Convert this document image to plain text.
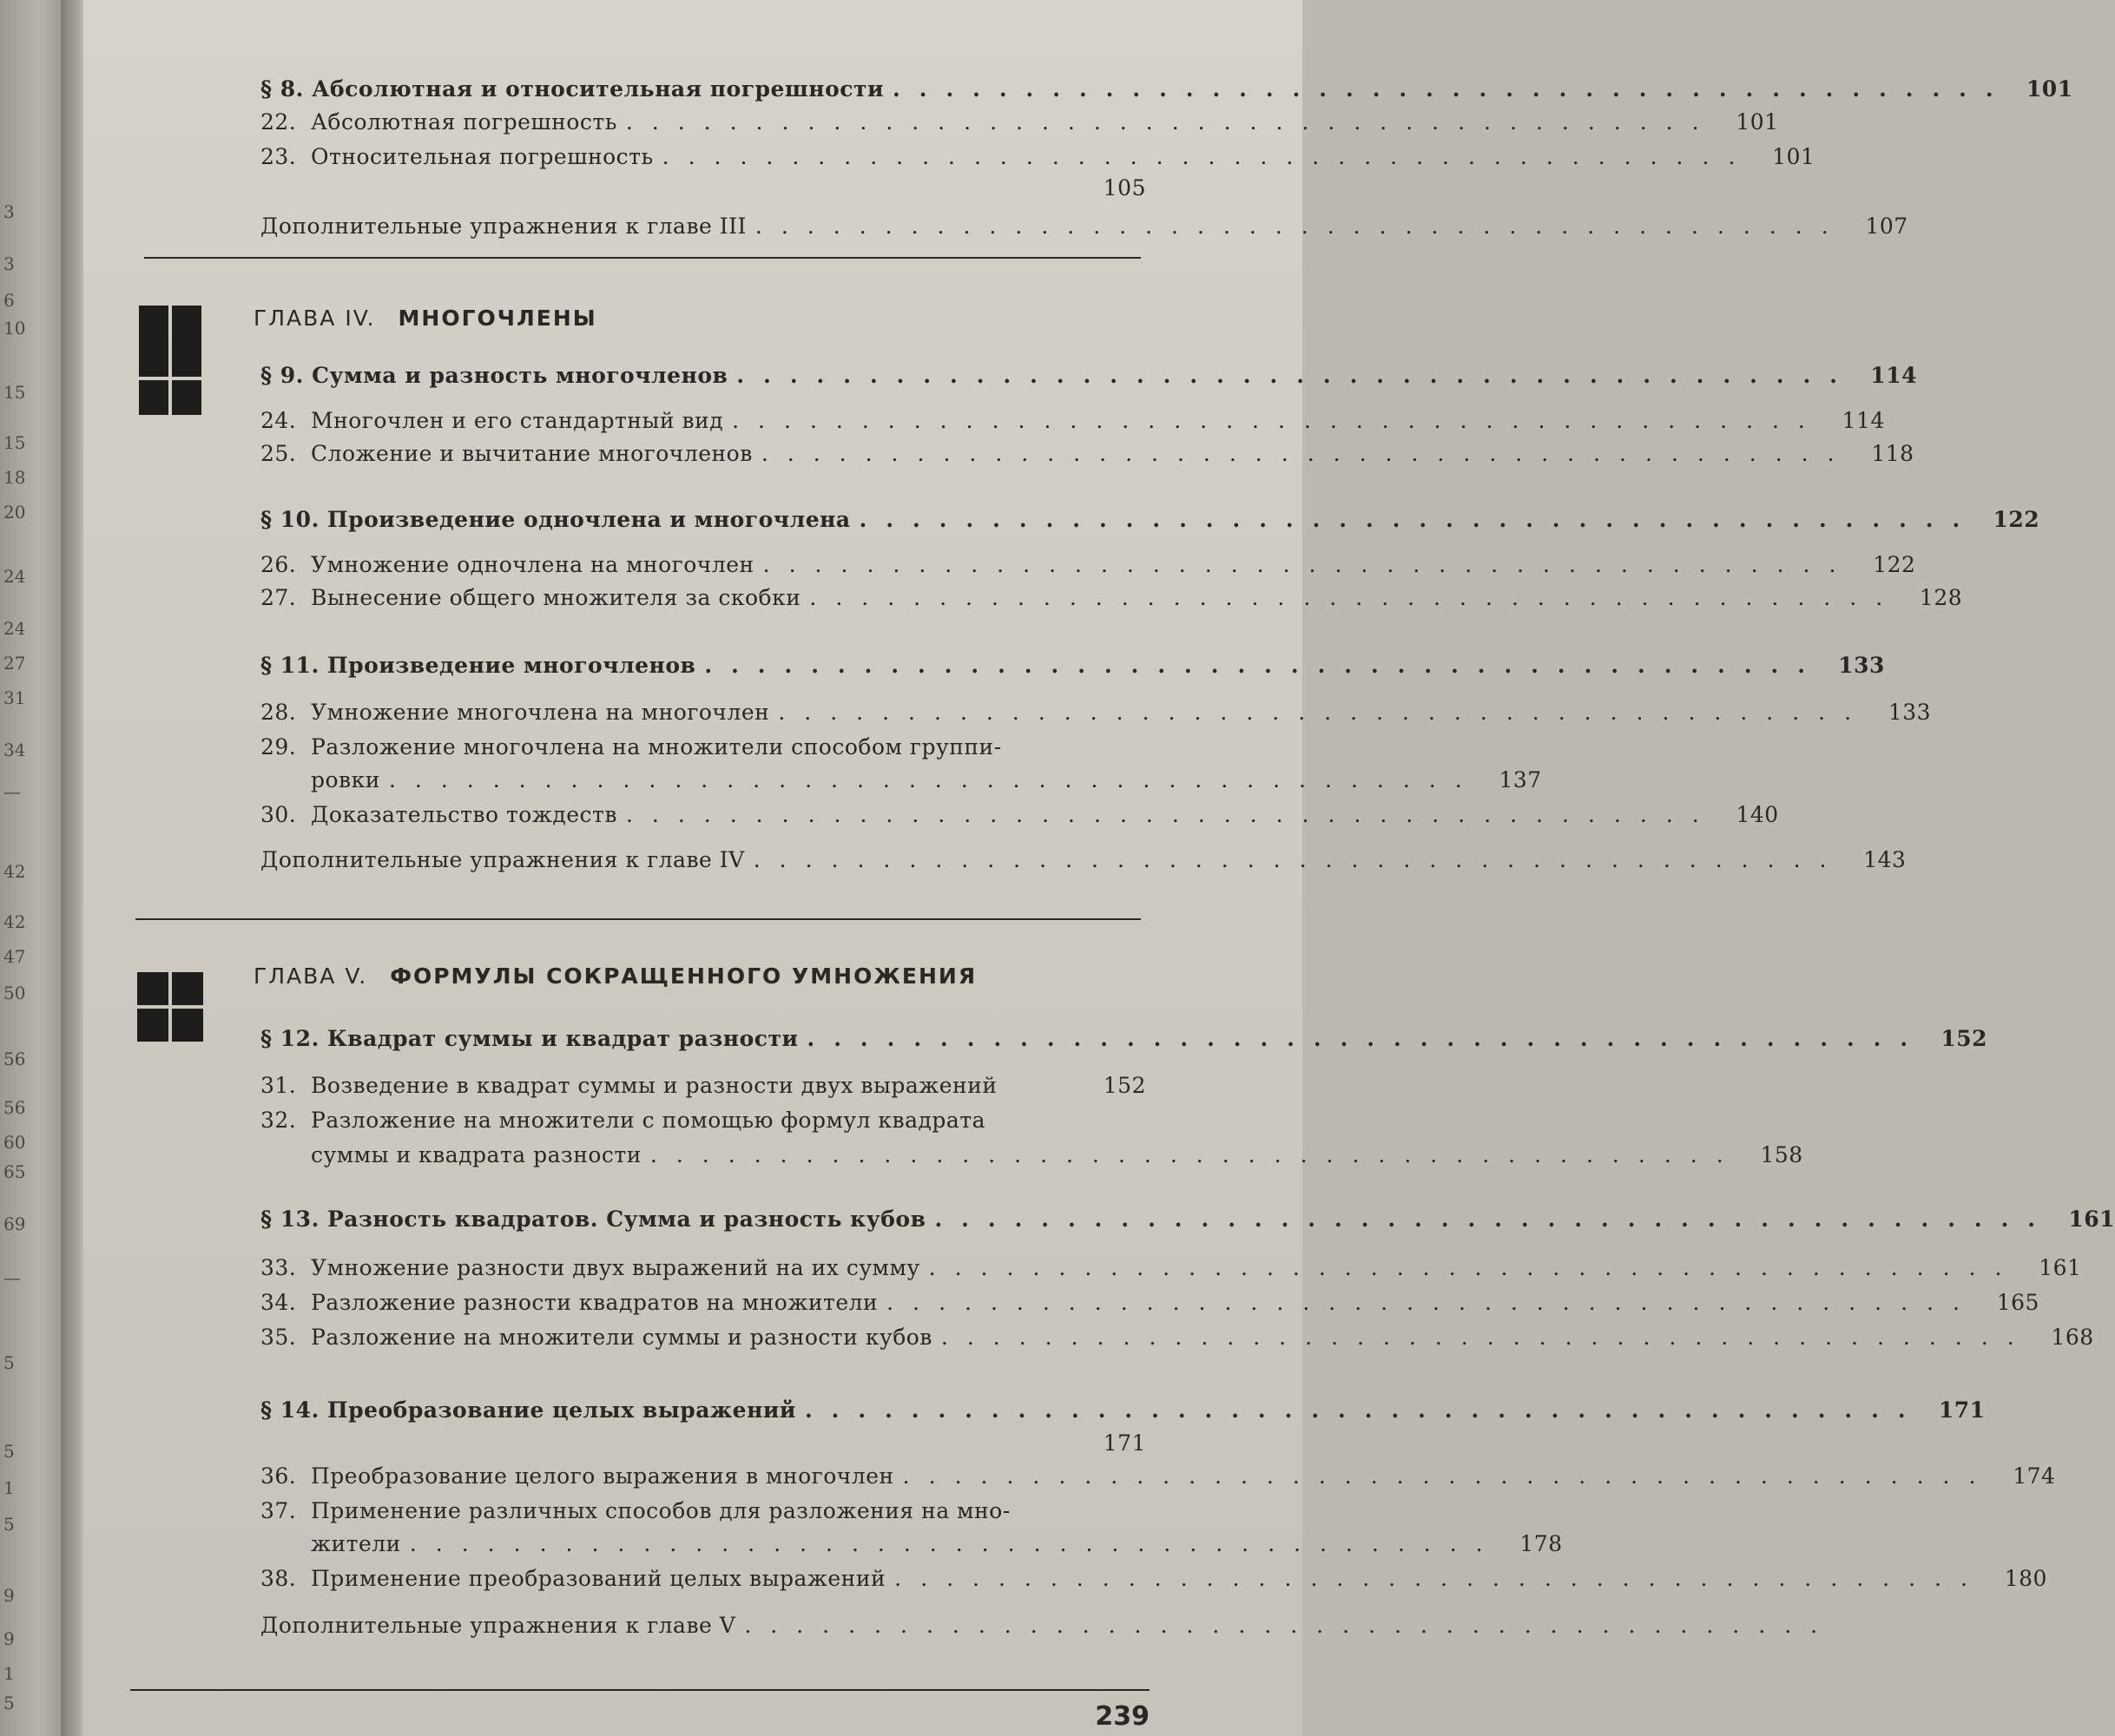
3
3
6
10
15
15
18
20
24
24
27
31
34
—
42
42
47
50
56
56
60
65
69
—
5
5
1
5
9
9
1
5
§ 8. Абсолютная и относительная погрешности .......................................... 101
22. Абсолютная погрешность .......................................... 101
23. Относительная погрешность .......................................... 101
105
Дополнительные упражнения к главе III .......................................... 107
ГЛАВА IV. МНОГОЧЛЕНЫ
§ 9. Сумма и разность многочленов .......................................... 114
24. Многочлен и его стандартный вид .......................................... 114
25. Сложение и вычитание многочленов .......................................... 118
§ 10. Произведение одночлена и многочлена .......................................... 122
26. Умножение одночлена на многочлен .......................................... 122
27. Вынесение общего множителя за скобки .......................................... 128
§ 11. Произведение многочленов .......................................... 133
28. Умножение многочлена на многочлен .......................................... 133
29. Разложение многочлена на множители способом группи-
ровки .......................................... 137
30. Доказательство тождеств .......................................... 140
Дополнительные упражнения к главе IV .......................................... 143
ГЛАВА V. ФОРМУЛЫ СОКРАЩЕННОГО УМНОЖЕНИЯ
§ 12. Квадрат суммы и квадрат разности .......................................... 152
31. Возведение в квадрат суммы и разности двух выражений	152
32. Разложение на множители с помощью формул квадрата
суммы и квадрата разности .......................................... 158
§ 13. Разность квадратов. Сумма и разность кубов .......................................... 161
33. Умножение разности двух выражений на их сумму .......................................... 161
34. Разложение разности квадратов на множители .......................................... 165
35. Разложение на множители суммы и разности кубов .......................................... 168
§ 14. Преобразование целых выражений .......................................... 171
171
36. Преобразование целого выражения в многочлен .......................................... 174
37. Применение различных способов для разложения на мно-
жители .......................................... 178
38. Применение преобразований целых выражений .......................................... 180
Дополнительные упражнения к главе V ..........................................
239
